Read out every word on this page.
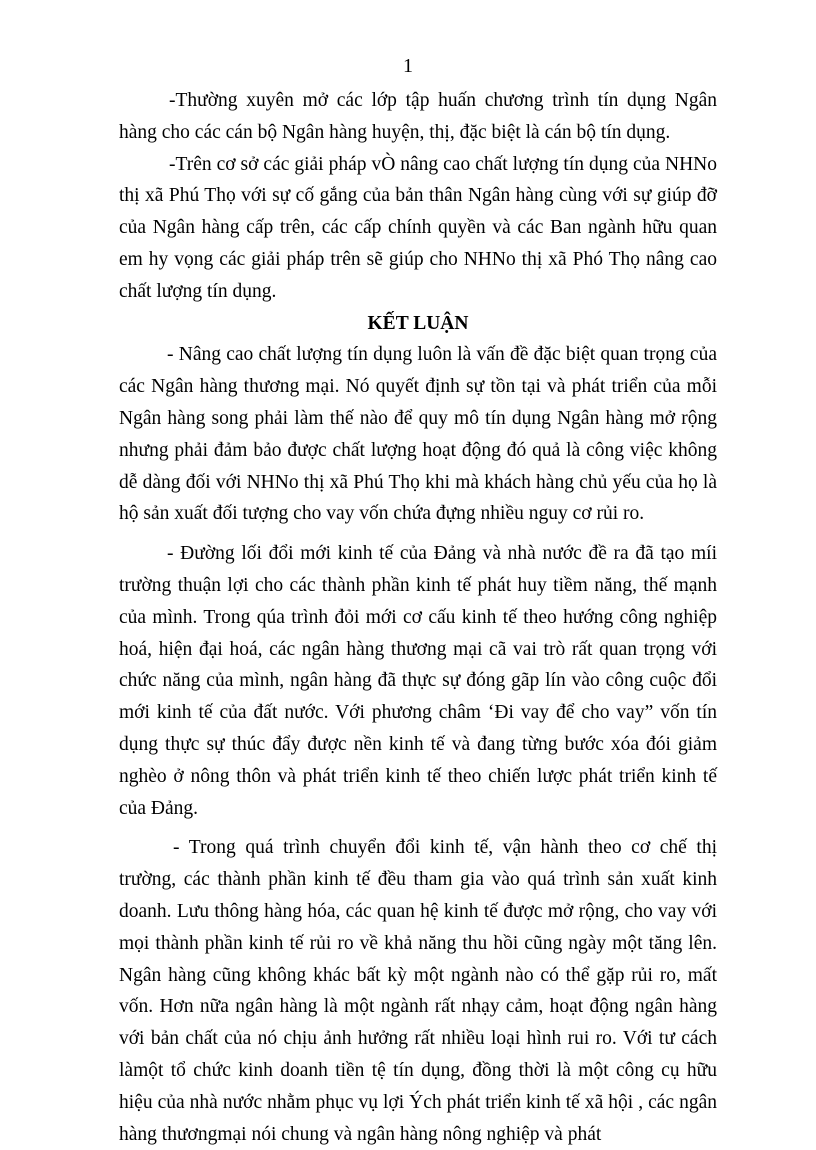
1

-Thường xuyên mở các lớp tập huấn chương trình tín dụng Ngân hàng cho các cán bộ Ngân hàng huyện, thị, đặc biệt là cán bộ tín dụng.

-Trên cơ sở các giải pháp vÒ nâng cao chất lượng tín dụng của NHNo thị xã Phú Thọ với sự cố gắng của bản thân Ngân hàng cùng với sự giúp đỡ của Ngân hàng cấp trên, các cấp chính quyền và các Ban ngành hữu quan em hy vọng các giải pháp trên sẽ giúp cho NHNo thị xã Phó Thọ nâng cao chất lượng tín dụng.

KẾT LUẬN

- Nâng cao chất lượng tín dụng luôn là vấn đề đặc biệt quan trọng của các Ngân hàng thương mại. Nó quyết định sự tồn tại và phát triển của mỗi Ngân hàng song phải làm thế nào để quy mô tín dụng Ngân hàng mở rộng nhưng phải đảm bảo được chất lượng hoạt động đó quả là công việc không dễ dàng đối với NHNo thị xã Phú Thọ khi mà khách hàng chủ yếu của họ là hộ sản xuất đối tượng cho vay vốn chứa đựng nhiều nguy cơ rủi ro.

- Đường lối đổi mới kinh tế của Đảng và nhà nước đề ra đã tạo míi trường thuận lợi cho các thành phần kinh tế phát huy tiềm năng, thế mạnh của mình. Trong qúa trình đỏi mới cơ cấu kinh tế theo hướng công nghiệp hoá, hiện đại hoá, các ngân hàng thương mại cã vai trò rất quan trọng với chức năng của mình, ngân hàng đã thực sự đóng gãp lín vào công cuộc đổi mới kinh tế của đất nước. Với phương châm ‘Đi vay để cho vay” vốn tín dụng thực sự thúc đẩy được nền kinh tế và đang từng bước xóa đói giảm nghèo ở nông thôn và phát triển kinh tế theo chiến lược phát triển kinh tế của Đảng.

- Trong quá trình chuyển đổi kinh tế, vận hành theo cơ chế thị trường, các thành phần kinh tế đều tham gia vào quá trình sản xuất kinh doanh. Lưu thông hàng hóa, các quan hệ kinh tế được mở rộng, cho vay với mọi thành phần kinh tế rủi ro về khả năng thu hồi cũng ngày một tăng lên. Ngân hàng cũng không khác bất kỳ một ngành nào có thể gặp rủi ro, mất vốn. Hơn nữa ngân hàng là một ngành rất nhạy cảm, hoạt động ngân hàng với bản chất của nó chịu ảnh hưởng rất nhiều loại hình rui ro. Với tư cách làmột tổ chức kinh doanh tiền tệ tín dụng, đồng thời là một công cụ hữu hiệu của nhà nước nhằm phục vụ lợi Ých phát triển kinh tế xã hội , các ngân hàng thươngmại nói chung và ngân hàng nông nghiệp và phát
